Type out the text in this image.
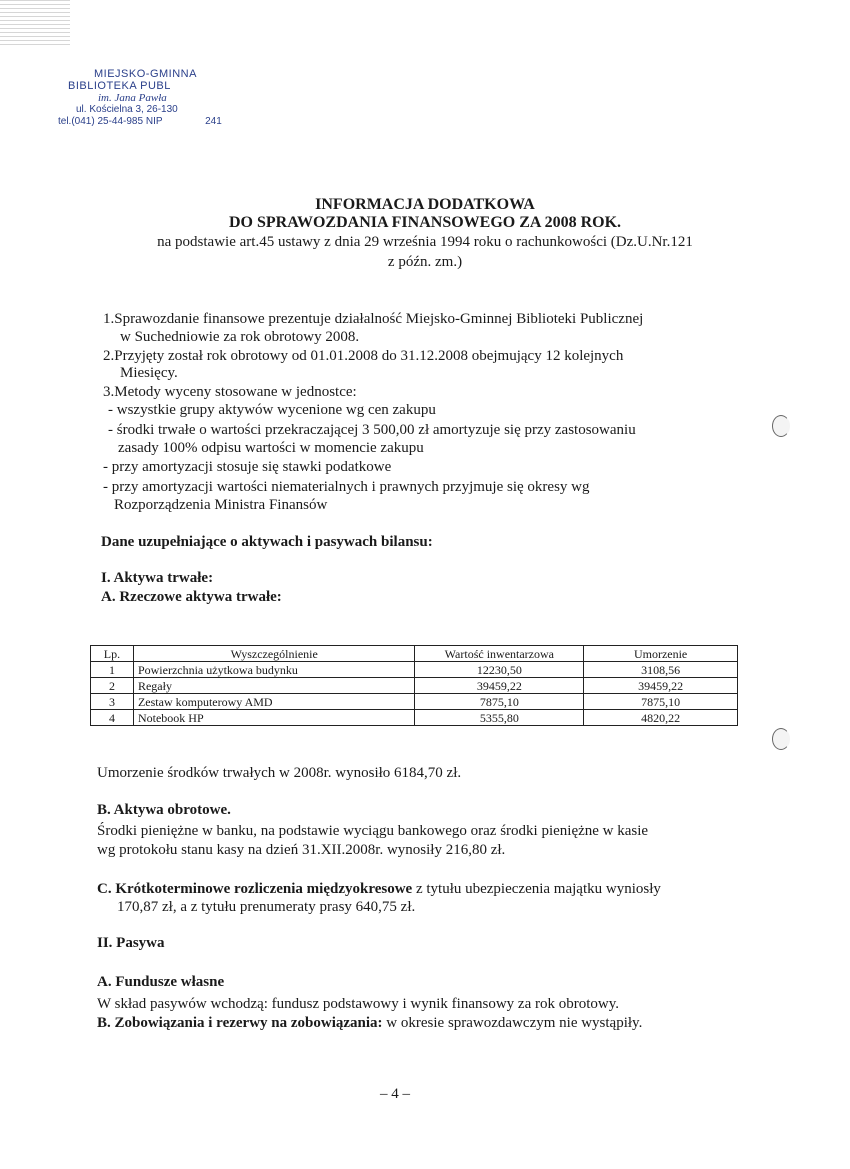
MIEJSKO-GMINNA
BIBLIOTEKA PUBL
im. Jana Pawła
ul. Kościelna 3, 26-130
tel.(041) 25-44-985 NIP	241
INFORMACJA DODATKOWA
DO SPRAWOZDANIA FINANSOWEGO ZA 2008 ROK.
na podstawie art.45 ustawy z dnia 29 września 1994 roku o rachunkowości (Dz.U.Nr.121
z późn. zm.)
1.Sprawozdanie finansowe prezentuje działalność Miejsko-Gminnej Biblioteki Publicznej
w Suchedniowie za rok obrotowy 2008.
2.Przyjęty został rok obrotowy od 01.01.2008 do 31.12.2008 obejmujący 12 kolejnych
Miesięcy.
3.Metody wyceny stosowane w jednostce:
- wszystkie grupy aktywów wycenione wg cen zakupu
- środki trwałe o wartości przekraczającej 3 500,00 zł amortyzuje się przy zastosowaniu
zasady 100% odpisu wartości w momencie zakupu
- przy amortyzacji stosuje się stawki podatkowe
- przy amortyzacji wartości niematerialnych i prawnych przyjmuje się okresy wg
Rozporządzenia Ministra Finansów
Dane uzupełniające o aktywach i pasywach bilansu:
I. Aktywa trwałe:
A. Rzeczowe aktywa trwałe:
Lp.	Wyszczególnienie	Wartość inwentarzowa	Umorzenie
1	Powierzchnia użytkowa budynku	12230,50	3108,56
2	Regały	39459,22	39459,22
3	Zestaw komputerowy AMD	7875,10	7875,10
4	Notebook HP	5355,80	4820,22
Umorzenie środków trwałych w 2008r. wynosiło 6184,70 zł.
B. Aktywa obrotowe.
Środki pieniężne w banku, na podstawie wyciągu bankowego oraz środki pieniężne w kasie
wg protokołu stanu kasy na dzień 31.XII.2008r. wynosiły 216,80 zł.
C. Krótkoterminowe rozliczenia międzyokresowe z tytułu ubezpieczenia majątku wyniosły
170,87 zł, a z tytułu prenumeraty prasy 640,75 zł.
II. Pasywa
A. Fundusze własne
W skład pasywów wchodzą: fundusz podstawowy i wynik finansowy za rok obrotowy.
B. Zobowiązania i rezerwy na zobowiązania: w okresie sprawozdawczym nie wystąpiły.
– 4 –
